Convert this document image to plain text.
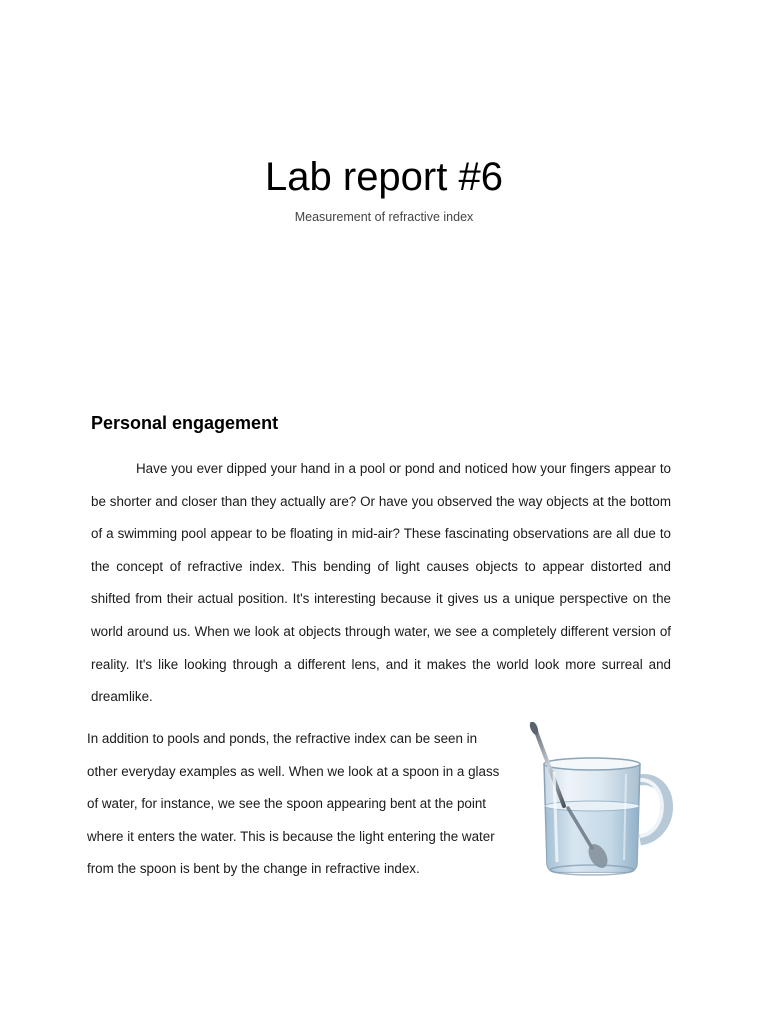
Lab report #6

Measurement of refractive index

Personal engagement

Have you ever dipped your hand in a pool or pond and noticed how your fingers appear to be shorter and closer than they actually are? Or have you observed the way objects at the bottom of a swimming pool appear to be floating in mid-air? These fascinating observations are all due to the concept of refractive index. This bending of light causes objects to appear distorted and shifted from their actual position. It's interesting because it gives us a unique perspective on the world around us. When we look at objects through water, we see a completely different version of reality. It's like looking through a different lens, and it makes the world look more surreal and dreamlike.

In addition to pools and ponds, the refractive index can be seen in other everyday examples as well. When we look at a spoon in a glass of water, for instance, we see the spoon appearing bent at the point where it enters the water. This is because the light entering the water from the spoon is bent by the change in refractive index.
